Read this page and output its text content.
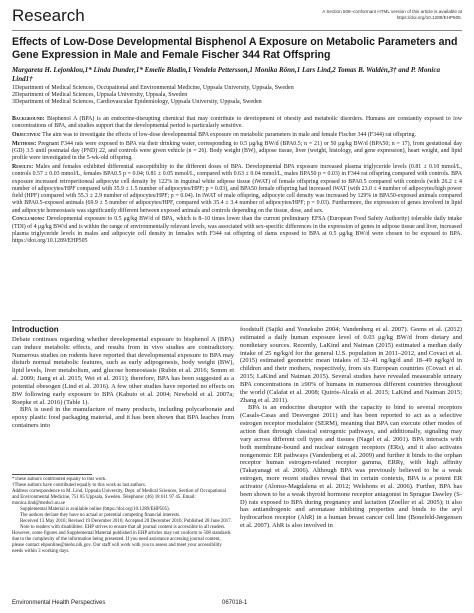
Research	A Section 508–conformant HTML version of this article is available at https://doi.org/10.1289/EHP505.
Effects of Low-Dose Developmental Bisphenol A Exposure on Metabolic Parameters and Gene Expression in Male and Female Fischer 344 Rat Offspring
Margareta H. Lejonklou,1* Linda Dunder,1* Emelie Bladin,1 Vendela Pettersson,1 Monika Rönn,1 Lars Lind,2 Tomas B. Waldén,3† and P. Monica Lind1†
1Department of Medical Sciences, Occupational and Environmental Medicine, Uppsala University, Uppsala, Sweden
2Department of Medical Sciences, Uppsala University, Uppsala, Sweden
3Department of Medical Sciences, Cardiovascular Epidemiology, Uppsala University, Uppsala, Sweden

Background: Bisphenol A (BPA) is an endocrine-disrupting chemical that may contribute to development of obesity and metabolic disorders. Humans are constantly exposed to low concentrations of BPA, and studies support that the developmental period is particularly sensitive.

Objectives: The aim was to investigate the effects of low-dose developmental BPA exposure on metabolic parameters in male and female Fischer 344 (F344) rat offspring.

Methods: Pregnant F344 rats were exposed to BPA via their drinking water, corresponding to 0.5 μg/kg BW/d (BPA0.5; n = 21) or 50 μg/kg BW/d (BPA50; n = 17), from gestational day (GD) 3.5 until postnatal day (PND) 22, and controls were given vehicle (n = 26). Body weight (BW), adipose tissue, liver (weight, histology, and gene expression), heart weight, and lipid profile were investigated in the 5-wk-old offspring.

Results: Males and females exhibited differential susceptibility to the different doses of BPA. Developmental BPA exposure increased plasma triglyceride levels (0.81 ± 0.10 mmol/L, controls 0.57 ± 0.03 mmol/L, females BPA0.5 p = 0.04; 0.81 ± 0.05 mmol/L, compared with 0.63 ± 0.04 mmol/L, males BPA50 p = 0.03) in F344 rat offspring compared with controls. BPA exposure increased retroperitoneal adipocyte cell density by 122% in inguinal white adipose tissue (iWAT) of female offspring exposed to BPA0.5 compared with controls (with 26.2 ± 4 number of adipocytes/HPF compared with 35.9 ± 1.5 number of adipocytes/HPF; p = 0.03), and BPA50 female offspring had increased iWAT (with 23.0 ± 4 number of adipocytes/high power field (HPF) compared with 55.3 ± 2.9 number of adipocytes/HPF; p = 0.04). In iWAT of male offspring, adipocyte cell density was increased by 129% in BPA50-exposed animals compared with BPA0.5-exposed animals (69.9 ± 5 number of adipocytes/HPF, compared with 35.4 ± 3.4 number of adipocytes/HPF; p = 0.03). Furthermore, the expression of genes involved in lipid and adipocyte homeostasis was significantly different between exposed animals and controls depending on the tissue, dose, and sex.

Conclusions: Developmental exposure to 0.5 μg/kg BW/d of BPA, which is 8–10 times lower than the current preliminary EFSA (European Food Safety Authority) tolerable daily intake (TDI) of 4 μg/kg BW/d and is within the range of environmentally relevant levels, was associated with sex-specific differences in the expression of genes in adipose tissue and liver, increased plasma triglyceride levels in males and adipocyte cell density in females with F344 rat offspring of dams exposed to BPA at 0.5 μg/kg BW/d were chosen to be exposed to BPA. https://doi.org/10.1289/EHP505

Introduction

Debate continues regarding whether developmental exposure to bisphenol A (BPA) can induce metabolic effects, and results from in vivo studies are contradictory. Numerous studies on rodents have reported that developmental exposure to BPA may disturb normal metabolic features, such as early adipogenesis, body weight (BW), lipid levels, liver metabolism, and glucose homeostasis (Rubin et al. 2016; Somm et al. 2009; Jiang et al. 2015; Wei et al. 2011); therefore, BPA has been suggested as a potential obesogen (Lind et al. 2016). A few other studies have reported no effects on BW following early exposure to BPA (Kabuto et al. 2004; Newbold et al. 2007a; Roepke et al. 2016) (Table 1).

BPA is used in the manufacture of many products, including polycarbonate and epoxy plastic food packaging material, and it has been shown that BPA leaches from containers into

foodstuff (Sajiki and Yonekubo 2004; Vandenberg et al. 2007). Geens et al. (2012) estimated a daily human exposure level of 0.03 μg/kg BW/d from dietary and nondietary sources. Recently, LaKind and Naiman (2015) estimated a median daily intake of 25 ng/kg/d for the general U.S. population in 2011–2012, and Covaci et al. (2015) estimated geometric mean intakes of 32–41 ng/kg/d and 18–49 ng/kg/d in children and their mothers, respectively, from six European countries (Covaci et al. 2015; LaKind and Naiman 2015). Several studies have revealed measurable urinary BPA concentrations in ≥90% of humans in numerous different countries throughout the world (Calafat et al. 2008; Quirós-Alcalá et al. 2015; LaKind and Naiman 2015; Zhang et al. 2011).

BPA is an endocrine disruptor with the capacity to bind to several receptors (Casals-Casas and Desvergne 2011) and has been reported to act as a selective estrogen receptor modulator (SERM), meaning that BPA can execute other modes of action than through classical estrogenic pathways, and additionally, signaling may vary across different cell types and tissues (Nagel et al. 2001). BPA interacts with both membrane-bound and nuclear estrogen receptors (ERs), and it also activates nongenomic ER pathways (Vandenberg et al. 2009) and further it binds to the orphan receptor human estrogen-related receptor gamma, ERRγ, with high affinity (Takayanagi et al. 2006). Although BPA was previously believed to be a weak estrogen, more recent studies reveal that in certain contexts, BPA is a potent ER activator (Alonso-Magdalena et al. 2012; Welshons et al. 2006). Further, BPA has been shown to be a weak thyroid hormone receptor antagonist in Sprague Dawley (S-D) rats exposed to BPA during pregnancy and lactation (Zoeller et al. 2005); it also has antiandrogenic and aromatase inhibiting properties and binds to the aryl hydrocarbon receptor (AhR) in a human breast cancer cell line (Bonefeld-Jørgensen et al. 2007). AhR is also involved in

*These authors contributed equally to this work.

†These authors have contributed equally to this work as last authors.

Address correspondence to M. Lind, Uppsala University, Dept. of Medical Sciences, Section of Occupational and Environmental Medicine, 751 85 Uppsala, Sweden. Telephone: (46) 18 611 97 45. Email: monica.lind@medsci.uu.se

Supplemental Material is available online (https://doi.org/10.1289/EHP505).

The authors declare they have no actual or potential competing financial interests.

Received 13 May 2016; Revised 19 December 2016; Accepted 20 December 2016; Published 28 June 2017.

Note to readers with disabilities: EHP strives to ensure that all journal content is accessible to all readers. However, some figures and Supplemental Material published in EHP articles may not conform to 508 standards due to the complexity of the information being presented. If you need assistance accessing journal content, please contact ehponline@niehs.nih.gov. Our staff will work with you to assess and meet your accessibility needs within 3 working days.

Environmental Health Perspectives	067018-1
